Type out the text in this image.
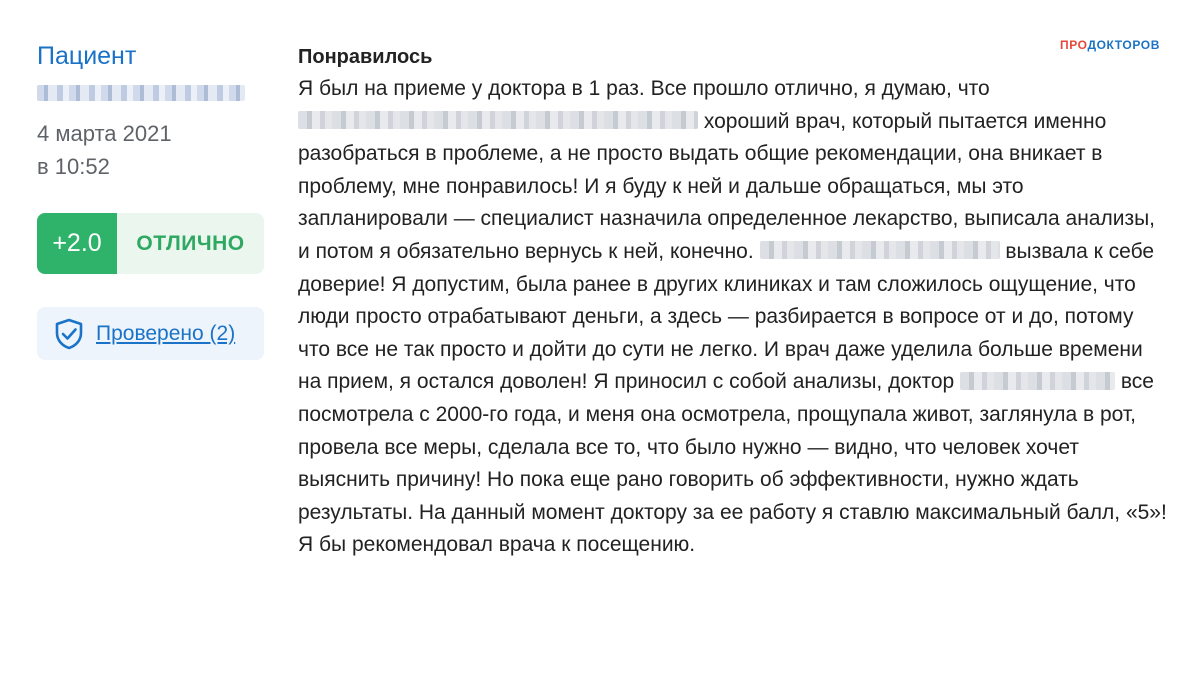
Пациент
4 марта 2021
в 10:52
+2.0	ОТЛИЧНО
Проверено (2)
ПРОДОКТОРОВ
Понравилось

Я был на приеме у доктора в 1 раз. Все прошло отлично, я думаю, что  хороший врач, который пытается именно разобраться в проблеме, а не просто выдать общие рекомендации, она вникает в проблему, мне понравилось! И я буду к ней и дальше обращаться, мы это запланировали — специалист назначила определенное лекарство, выписала анализы, и потом я обязательно вернусь к ней, конечно.	вызвала к себе доверие! Я допустим, была ранее в других клиниках и там сложилось ощущение, что люди просто отрабатывают деньги, а здесь — разбирается в вопросе от и до, потому что все не так просто и дойти до сути не легко. И врач даже уделила больше времени на прием, я остался доволен! Я приносил с собой анализы, доктор	все посмотрела с 2000-го года, и меня она осмотрела, прощупала живот, заглянула в рот, провела все меры, сделала все то, что было нужно — видно, что человек хочет выяснить причину! Но пока еще рано говорить об эффективности, нужно ждать результаты. На данный момент доктору за ее работу я ставлю максимальный балл, «5»! Я бы рекомендовал врача к посещению.
